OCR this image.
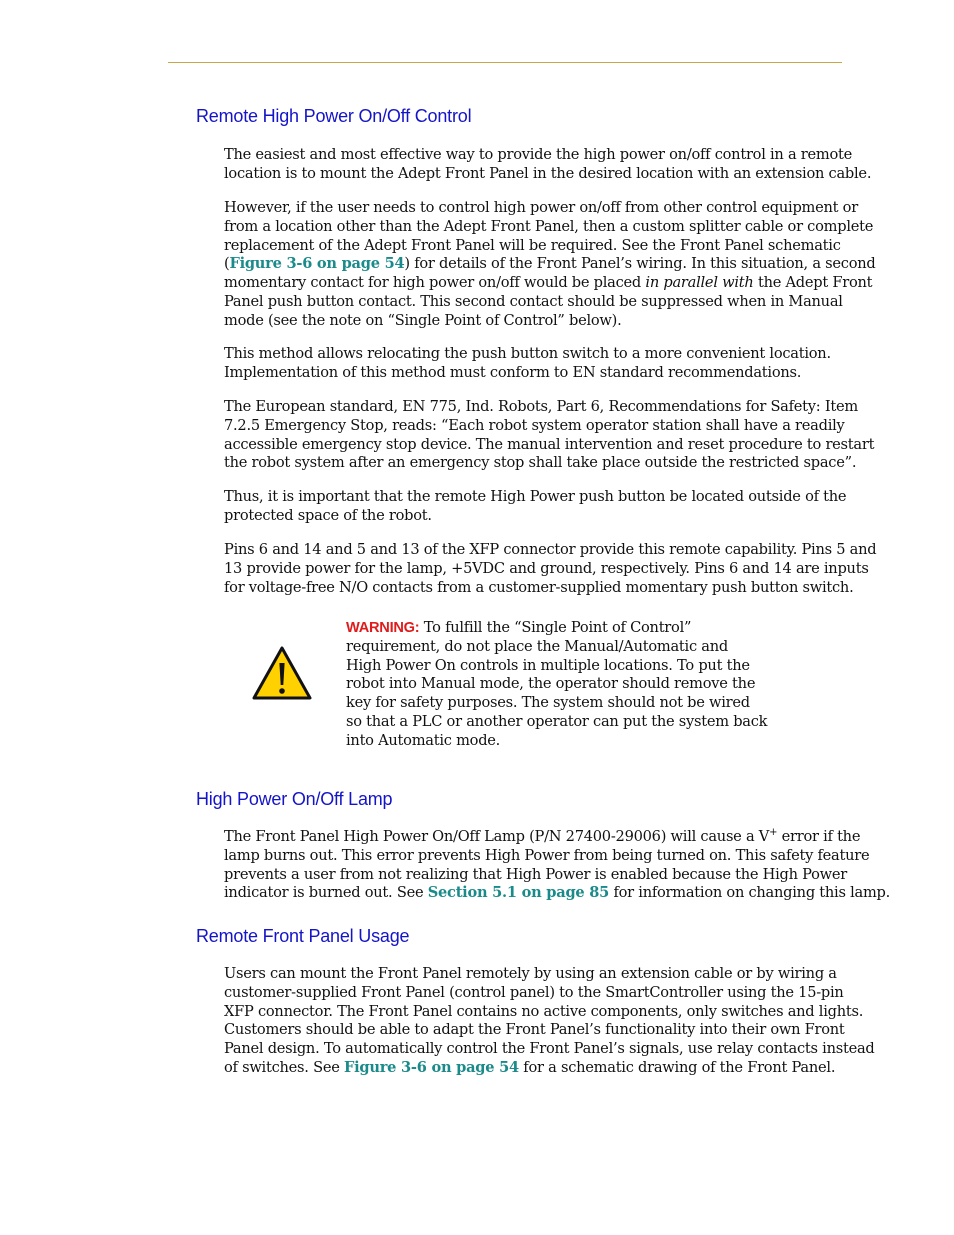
Remote High Power On/Off Control

The easiest and most effective way to provide the high power on/off control in a remote
location is to mount the Adept Front Panel in the desired location with an extension cable.

However, if the user needs to control high power on/off from other control equipment or
from a location other than the Adept Front Panel, then a custom splitter cable or complete
replacement of the Adept Front Panel will be required. See the Front Panel schematic
(Figure 3-6 on page 54) for details of the Front Panel’s wiring. In this situation, a second
momentary contact for high power on/off would be placed in parallel with the Adept Front
Panel push button contact. This second contact should be suppressed when in Manual
mode (see the note on “Single Point of Control” below).

This method allows relocating the push button switch to a more convenient location.
Implementation of this method must conform to EN standard recommendations.

The European standard, EN 775, Ind. Robots, Part 6, Recommendations for Safety: Item
7.2.5 Emergency Stop, reads: “Each robot system operator station shall have a readily
accessible emergency stop device. The manual intervention and reset procedure to restart
the robot system after an emergency stop shall take place outside the restricted space”.

Thus, it is important that the remote High Power push button be located outside of the
protected space of the robot.

Pins 6 and 14 and 5 and 13 of the XFP connector provide this remote capability. Pins 5 and
13 provide power for the lamp, +5VDC and ground, respectively. Pins 6 and 14 are inputs
for voltage-free N/O contacts from a customer-supplied momentary push button switch.

WARNING: To fulfill the “Single Point of Control”
requirement, do not place the Manual/Automatic and
High Power On controls in multiple locations. To put the
robot into Manual mode, the operator should remove the
key for safety purposes. The system should not be wired
so that a PLC or another operator can put the system back
into Automatic mode.

High Power On/Off Lamp

The Front Panel High Power On/Off Lamp (P/N 27400-29006) will cause a V+ error if the
lamp burns out. This error prevents High Power from being turned on. This safety feature
prevents a user from not realizing that High Power is enabled because the High Power
indicator is burned out. See Section 5.1 on page 85 for information on changing this lamp.

Remote Front Panel Usage

Users can mount the Front Panel remotely by using an extension cable or by wiring a
customer-supplied Front Panel (control panel) to the SmartController using the 15-pin
XFP connector. The Front Panel contains no active components, only switches and lights.
Customers should be able to adapt the Front Panel’s functionality into their own Front
Panel design. To automatically control the Front Panel’s signals, use relay contacts instead
of switches. See Figure 3-6 on page 54 for a schematic drawing of the Front Panel.
